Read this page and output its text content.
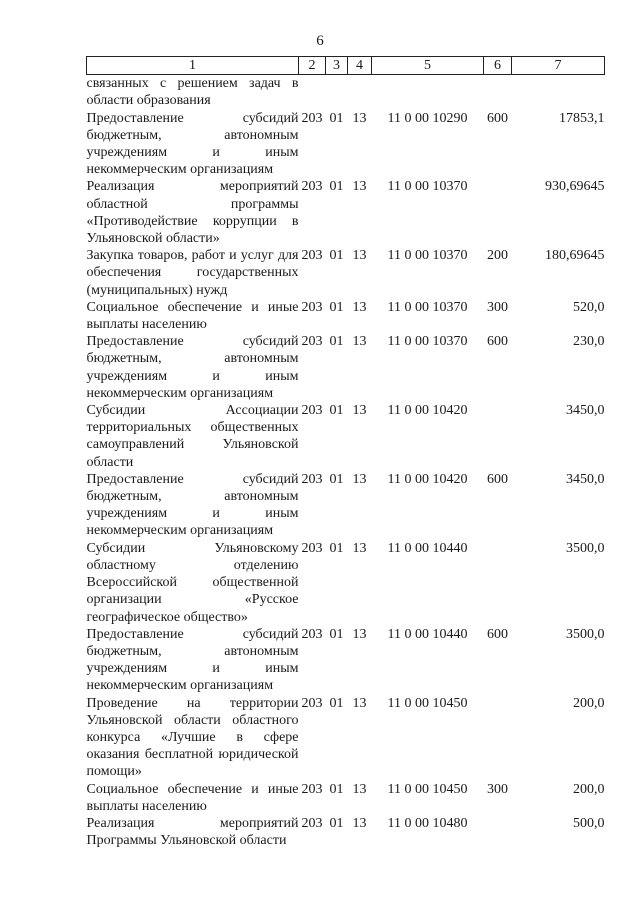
6
1	2	3	4	5	6	7
связанных с решением задач в области образования						
Предоставление субсидий бюджетным, автономным учреждениям и иным некоммерческим организациям	203	01	13	11 0 00 10290	600	17853,1
Реализация мероприятий областной программы «Противодействие коррупции в Ульяновской области»	203	01	13	11 0 00 10370		930,69645
Закупка товаров, работ и услуг для обеспечения государственных (муниципальных) нужд	203	01	13	11 0 00 10370	200	180,69645
Социальное обеспечение и иные выплаты населению	203	01	13	11 0 00 10370	300	520,0
Предоставление субсидий бюджетным, автономным учреждениям и иным некоммерческим организациям	203	01	13	11 0 00 10370	600	230,0
Субсидии Ассоциации территориальных общественных самоуправлений Ульяновской области	203	01	13	11 0 00 10420		3450,0
Предоставление субсидий бюджетным, автономным учреждениям и иным некоммерческим организациям	203	01	13	11 0 00 10420	600	3450,0
Субсидии Ульяновскому областному отделению Всероссийской общественной организации «Русское географическое общество»	203	01	13	11 0 00 10440		3500,0
Предоставление субсидий бюджетным, автономным учреждениям и иным некоммерческим организациям	203	01	13	11 0 00 10440	600	3500,0
Проведение на территории Ульяновской области областного конкурса «Лучшие в сфере оказания бесплатной юридической помощи»	203	01	13	11 0 00 10450		200,0
Социальное обеспечение и иные выплаты населению	203	01	13	11 0 00 10450	300	200,0
Реализация мероприятий Программы Ульяновской области	203	01	13	11 0 00 10480		500,0
